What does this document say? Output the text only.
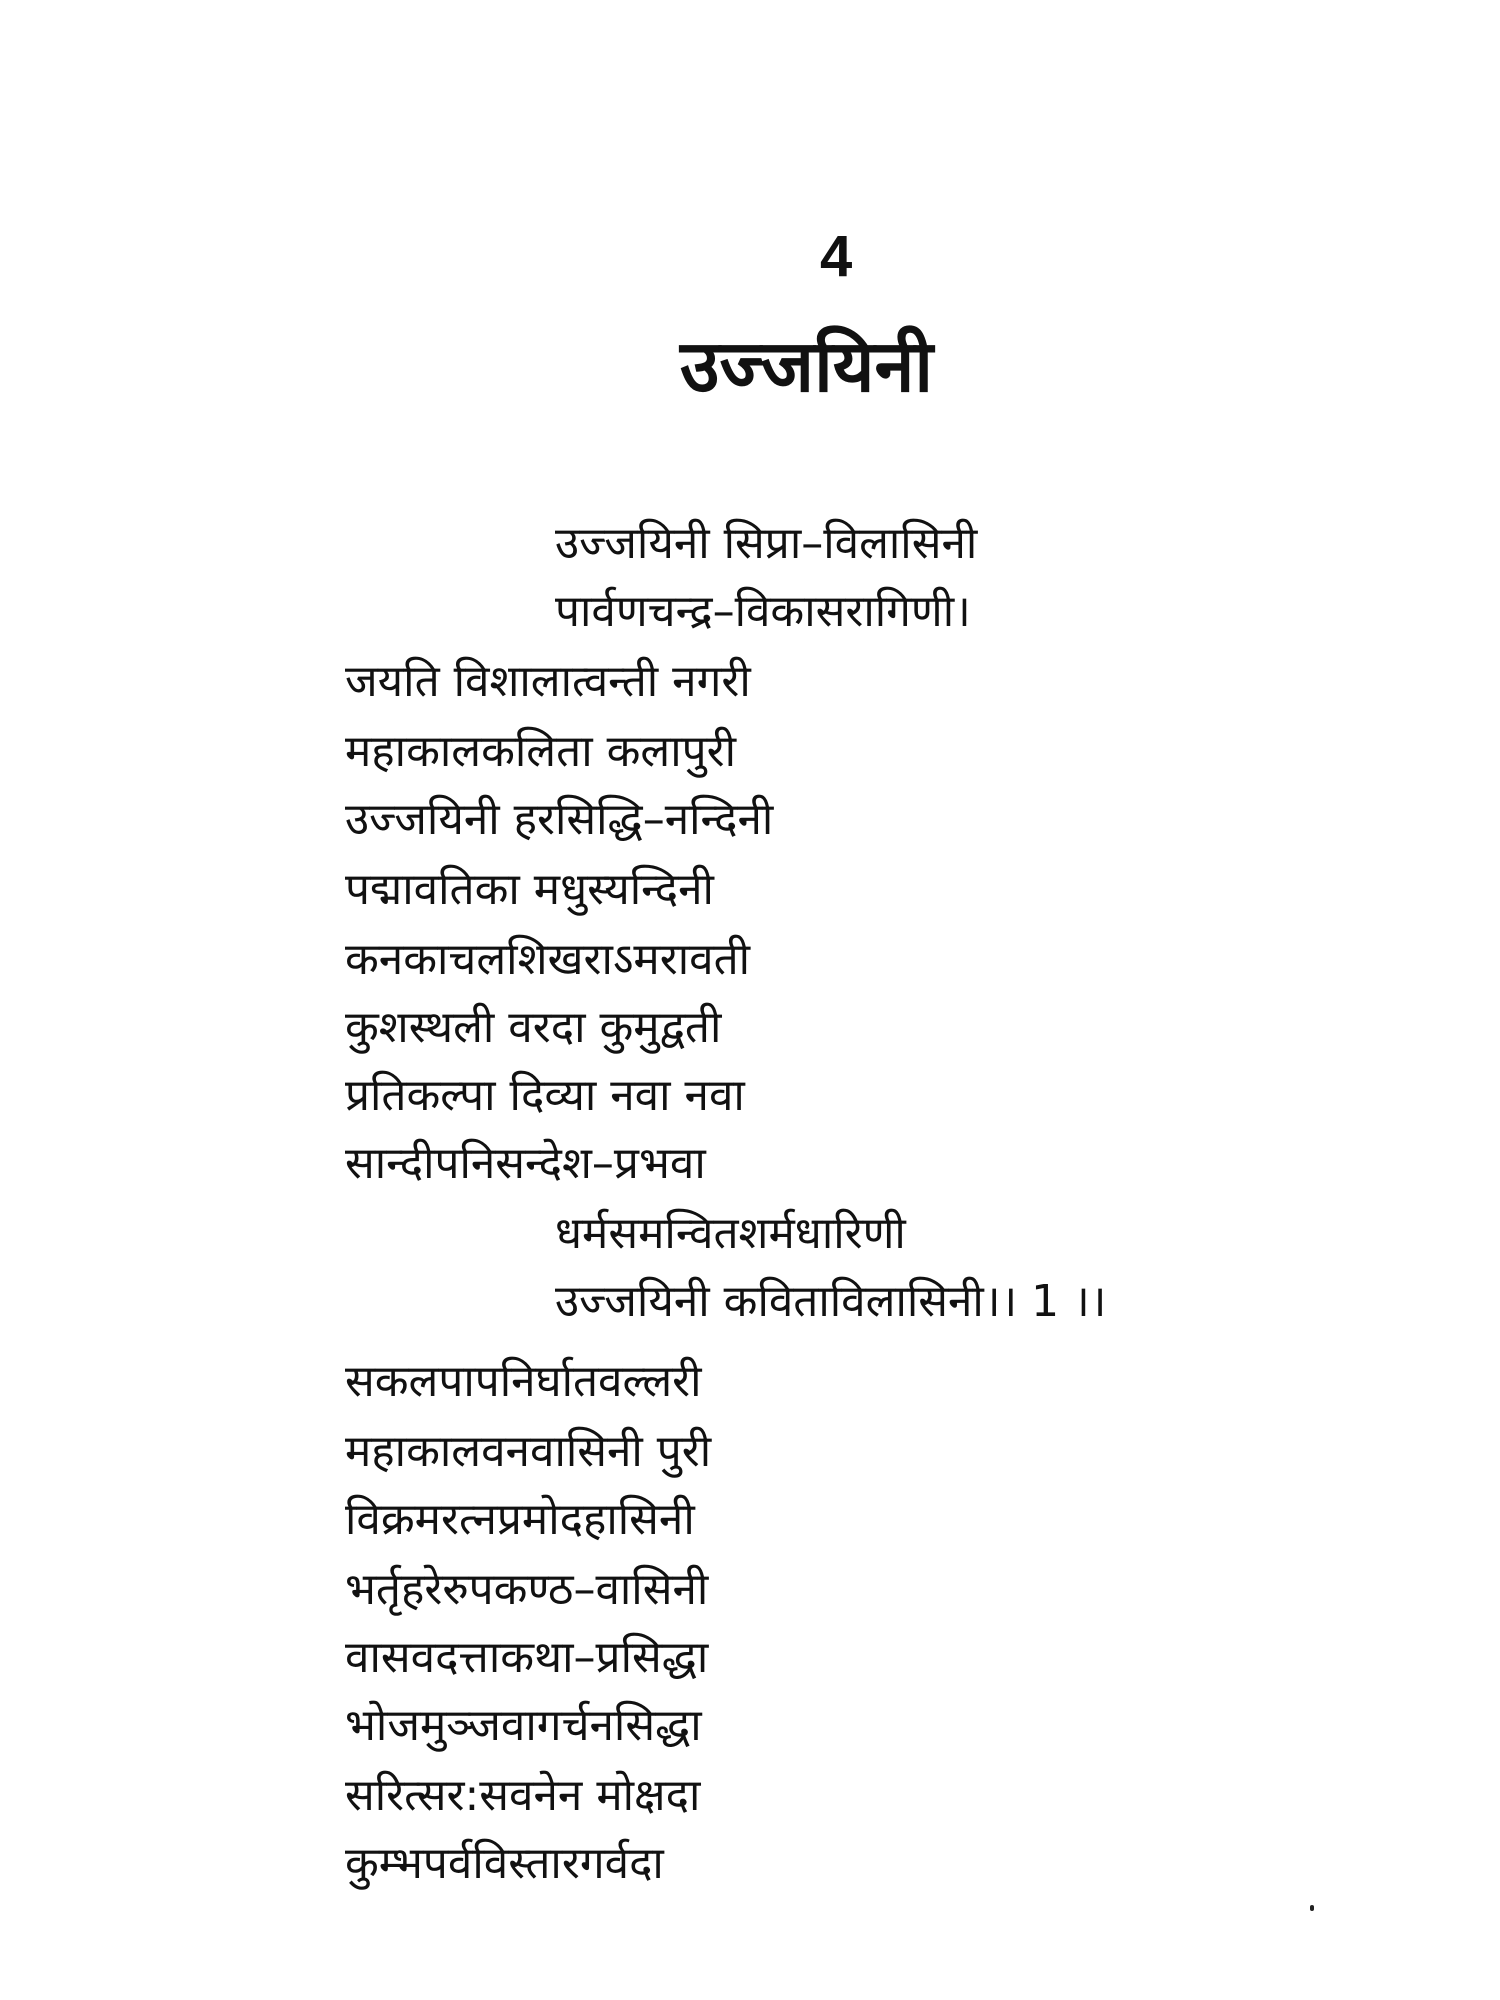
4
उज्जयिनी
उज्जयिनी सिप्रा–विलासिनी
पार्वणचन्द्र–विकासरागिणी।
जयति विशालात्वन्ती नगरी
महाकालकलिता कलापुरी
उज्जयिनी हरसिद्धि–नन्दिनी
पद्मावतिका मधुस्यन्दिनी
कनकाचलशिखराऽमरावती
कुशस्थली वरदा कुमुद्वती
प्रतिकल्पा दिव्या नवा नवा
सान्दीपनिसन्देश–प्रभवा
धर्मसमन्वितशर्मधारिणी
उज्जयिनी कविताविलासिनी।। 1 ।।
सकलपापनिर्घातवल्लरी
महाकालवनवासिनी पुरी
विक्रमरत्नप्रमोदहासिनी
भर्तृहरेरुपकण्ठ–वासिनी
वासवदत्ताकथा–प्रसिद्धा
भोजमुञ्जवागर्चनसिद्धा
सरित्सर:सवनेन मोक्षदा
कुम्भपर्वविस्तारगर्वदा
